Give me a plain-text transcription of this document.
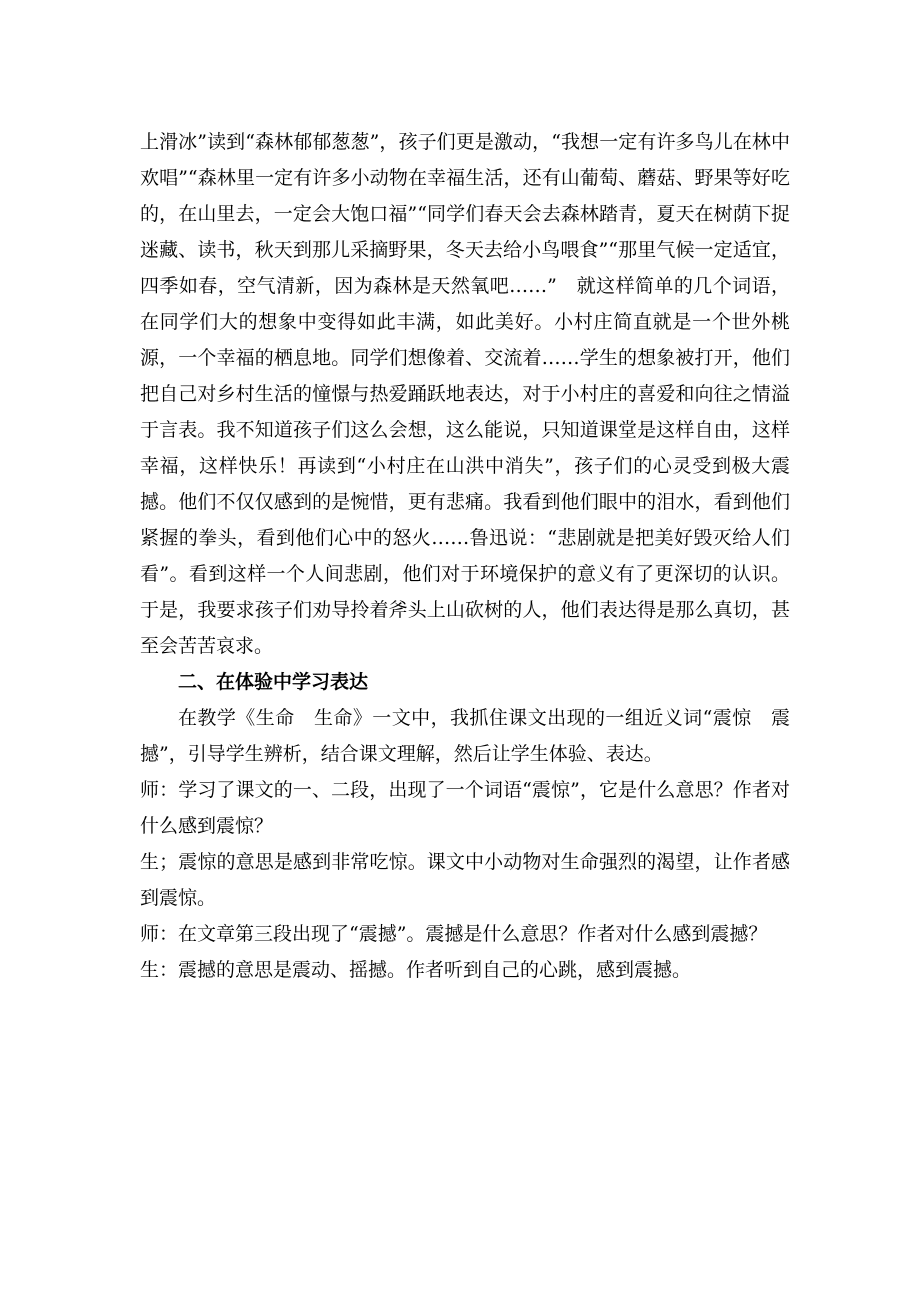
上滑冰”读到“森林郁郁葱葱”，孩子们更是激动，“我想一定有许多鸟儿在林中欢唱”“森林里一定有许多小动物在幸福生活，还有山葡萄、蘑菇、野果等好吃的，在山里去，一定会大饱口福”“同学们春天会去森林踏青，夏天在树荫下捉迷藏、读书，秋天到那儿采摘野果，冬天去给小鸟喂食”“那里气候一定适宜，四季如春，空气清新，因为森林是天然氧吧……”　就这样简单的几个词语，在同学们大的想象中变得如此丰满，如此美好。小村庄简直就是一个世外桃源，一个幸福的栖息地。同学们想像着、交流着……学生的想象被打开，他们把自己对乡村生活的憧憬与热爱踊跃地表达，对于小村庄的喜爱和向往之情溢于言表。我不知道孩子们这么会想，这么能说，只知道课堂是这样自由，这样幸福，这样快乐！再读到“小村庄在山洪中消失”，孩子们的心灵受到极大震撼。他们不仅仅感到的是惋惜，更有悲痛。我看到他们眼中的泪水，看到他们紧握的拳头，看到他们心中的怒火……鲁迅说：“悲剧就是把美好毁灭给人们看”。看到这样一个人间悲剧，他们对于环境保护的意义有了更深切的认识。于是，我要求孩子们劝导拎着斧头上山砍树的人，他们表达得是那么真切，甚至会苦苦哀求。

二、在体验中学习表达

在教学《生命　生命》一文中，我抓住课文出现的一组近义词“震惊　震撼”，引导学生辨析，结合课文理解，然后让学生体验、表达。

师：学习了课文的一、二段，出现了一个词语“震惊”，它是什么意思？作者对什么感到震惊？

生；震惊的意思是感到非常吃惊。课文中小动物对生命强烈的渴望，让作者感到震惊。

师：在文章第三段出现了“震撼”。震撼是什么意思？作者对什么感到震撼？

生：震撼的意思是震动、摇撼。作者听到自己的心跳，感到震撼。
